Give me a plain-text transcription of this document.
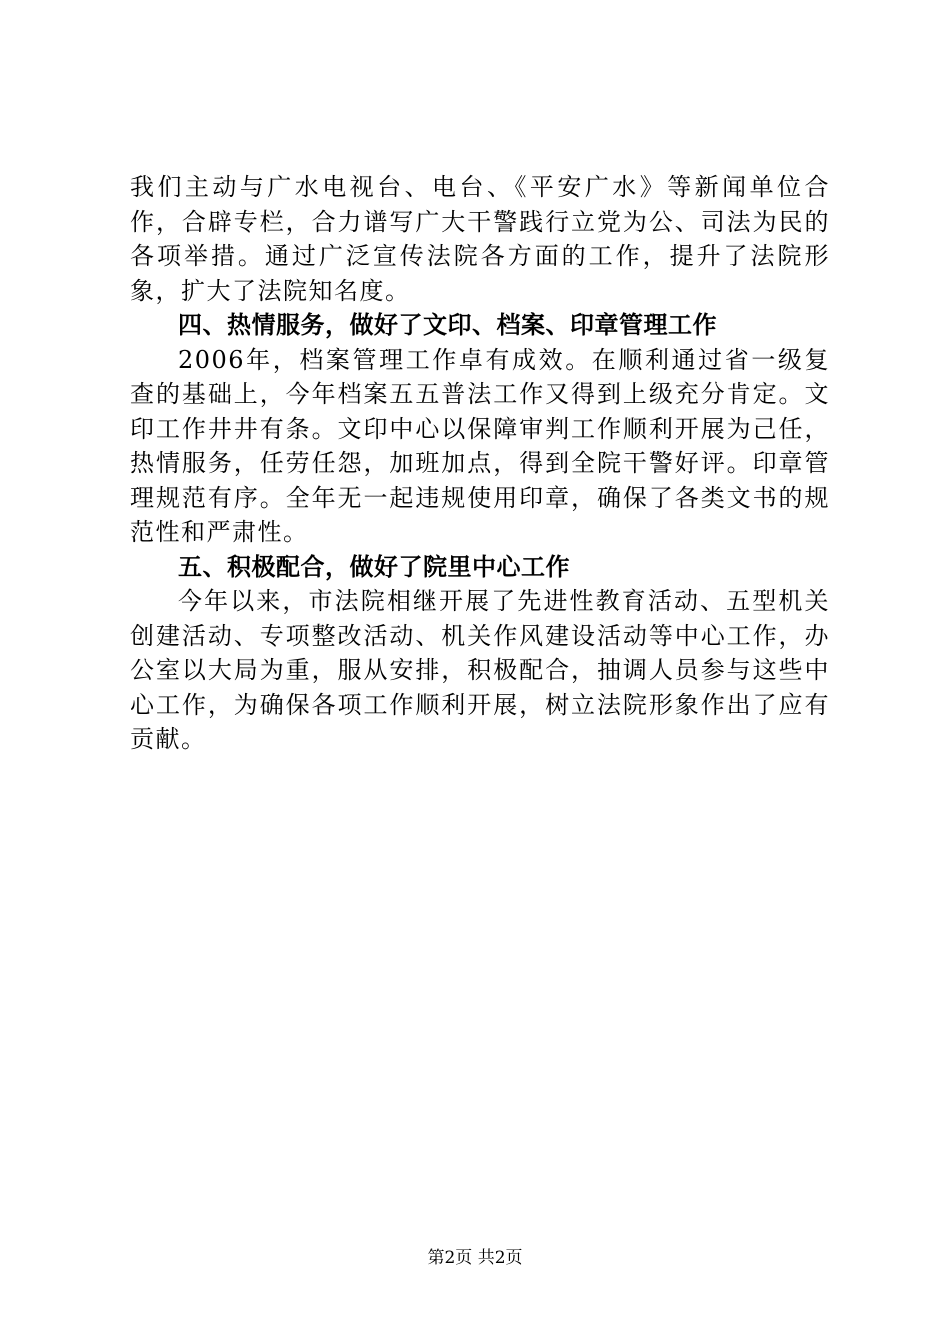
我们主动与广水电视台、电台、《平安广水》等新闻单位合作，合辟专栏，合力谱写广大干警践行立党为公、司法为民的各项举措。通过广泛宣传法院各方面的工作，提升了法院形象，扩大了法院知名度。

四、热情服务，做好了文印、档案、印章管理工作

2006年，档案管理工作卓有成效。在顺利通过省一级复查的基础上，今年档案五五普法工作又得到上级充分肯定。文印工作井井有条。文印中心以保障审判工作顺利开展为己任，热情服务，任劳任怨，加班加点，得到全院干警好评。印章管理规范有序。全年无一起违规使用印章，确保了各类文书的规范性和严肃性。

五、积极配合，做好了院里中心工作

今年以来，市法院相继开展了先进性教育活动、五型机关创建活动、专项整改活动、机关作风建设活动等中心工作，办公室以大局为重，服从安排，积极配合，抽调人员参与这些中心工作，为确保各项工作顺利开展，树立法院形象作出了应有贡献。

第2页 共2页
